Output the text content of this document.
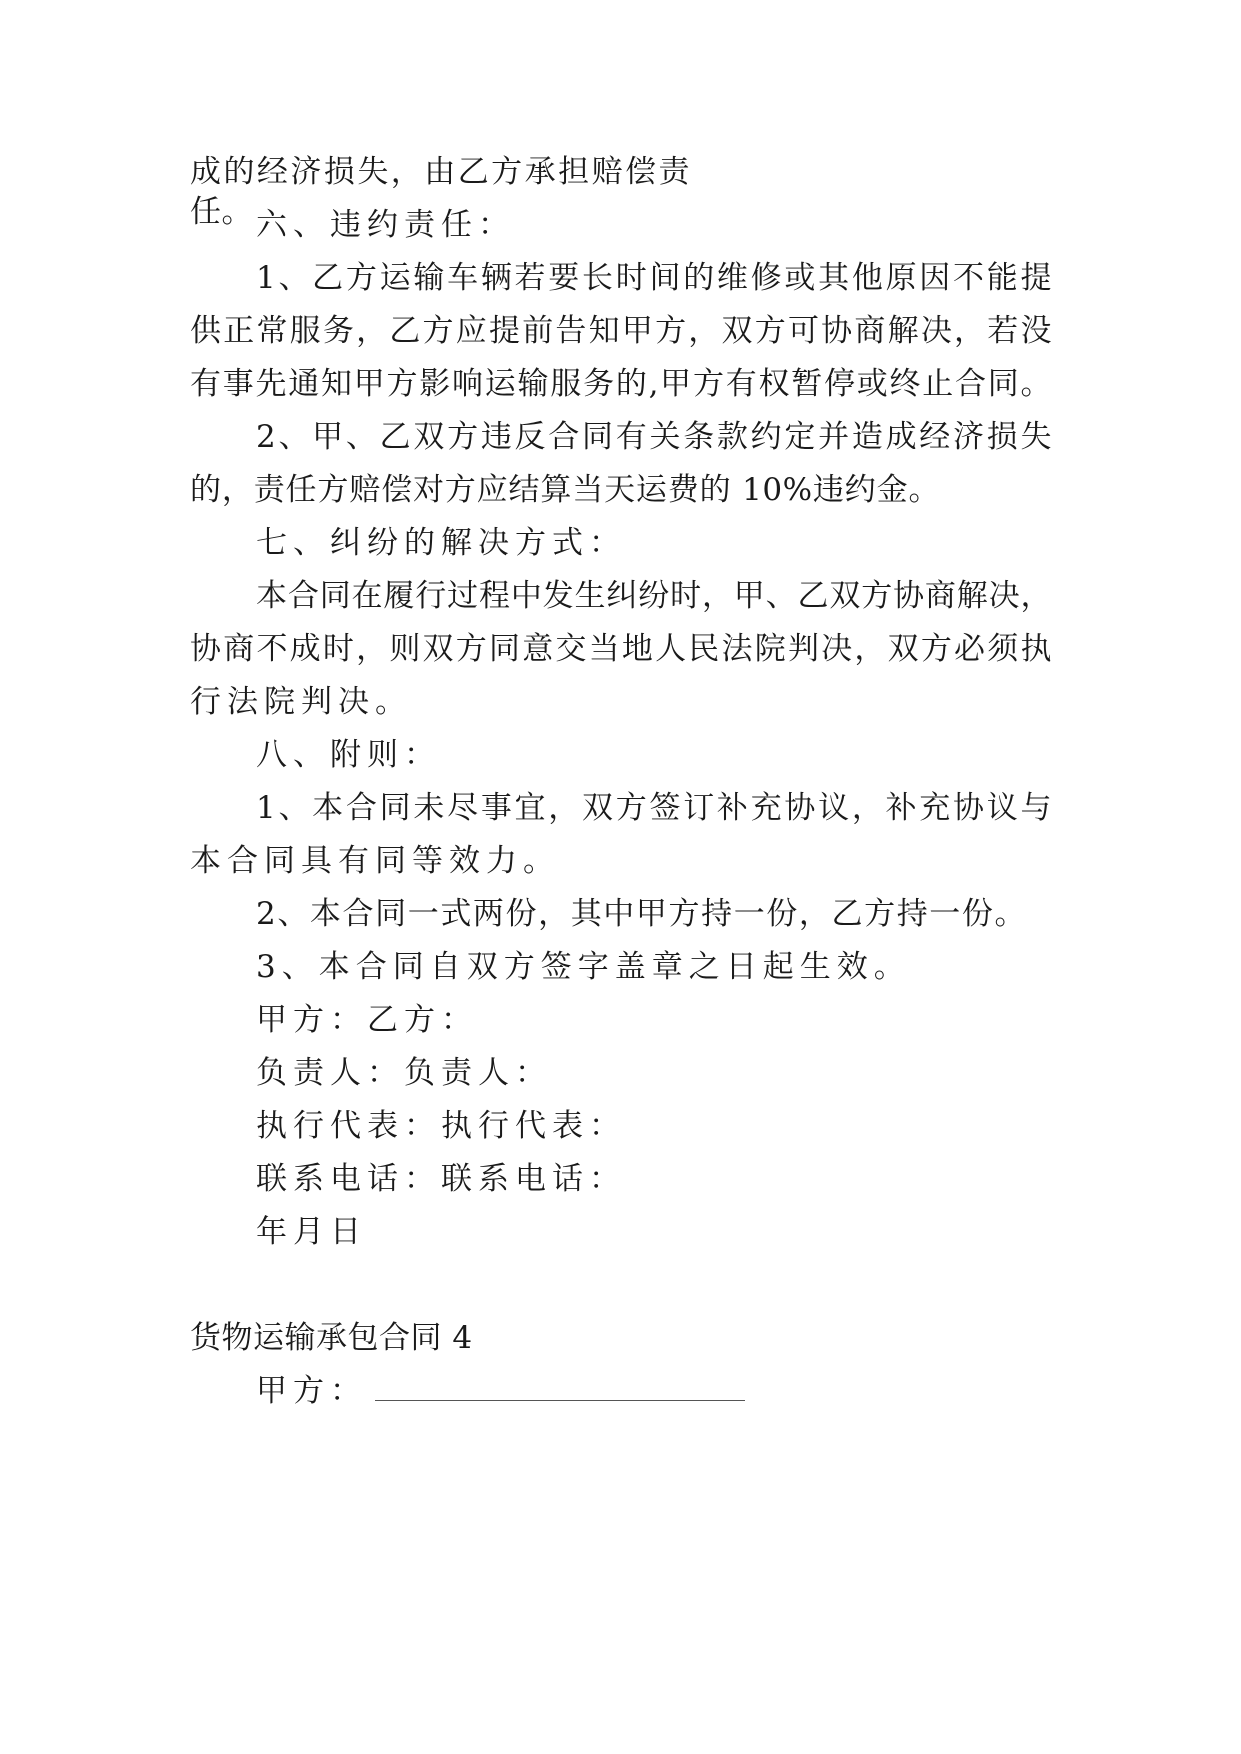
成的经济损失，由乙方承担赔偿责任。 六、违约责任：
1、乙方运输车辆若要长时间的维修或其他原因不能提
供正常服务，乙方应提前告知甲方，双方可协商解决，若没
有事先通知甲方影响运输服务的,甲方有权暂停或终止合同。
2、甲、乙双方违反合同有关条款约定并造成经济损失
的，责任方赔偿对方应结算当天运费的 10%违约金。
七、纠纷的解决方式：
本合同在履行过程中发生纠纷时，甲、乙双方协商解决，
协商不成时，则双方同意交当地人民法院判决，双方必须执
行法院判决。
八、附则：
1、本合同未尽事宜，双方签订补充协议，补充协议与
本合同具有同等效力。
2、本合同一式两份，其中甲方持一份，乙方持一份。
3、本合同自双方签字盖章之日起生效。
甲方：乙方：
负责人：负责人：
执行代表：执行代表：
联系电话：联系电话：
年月日
货物运输承包合同 4
甲方：
